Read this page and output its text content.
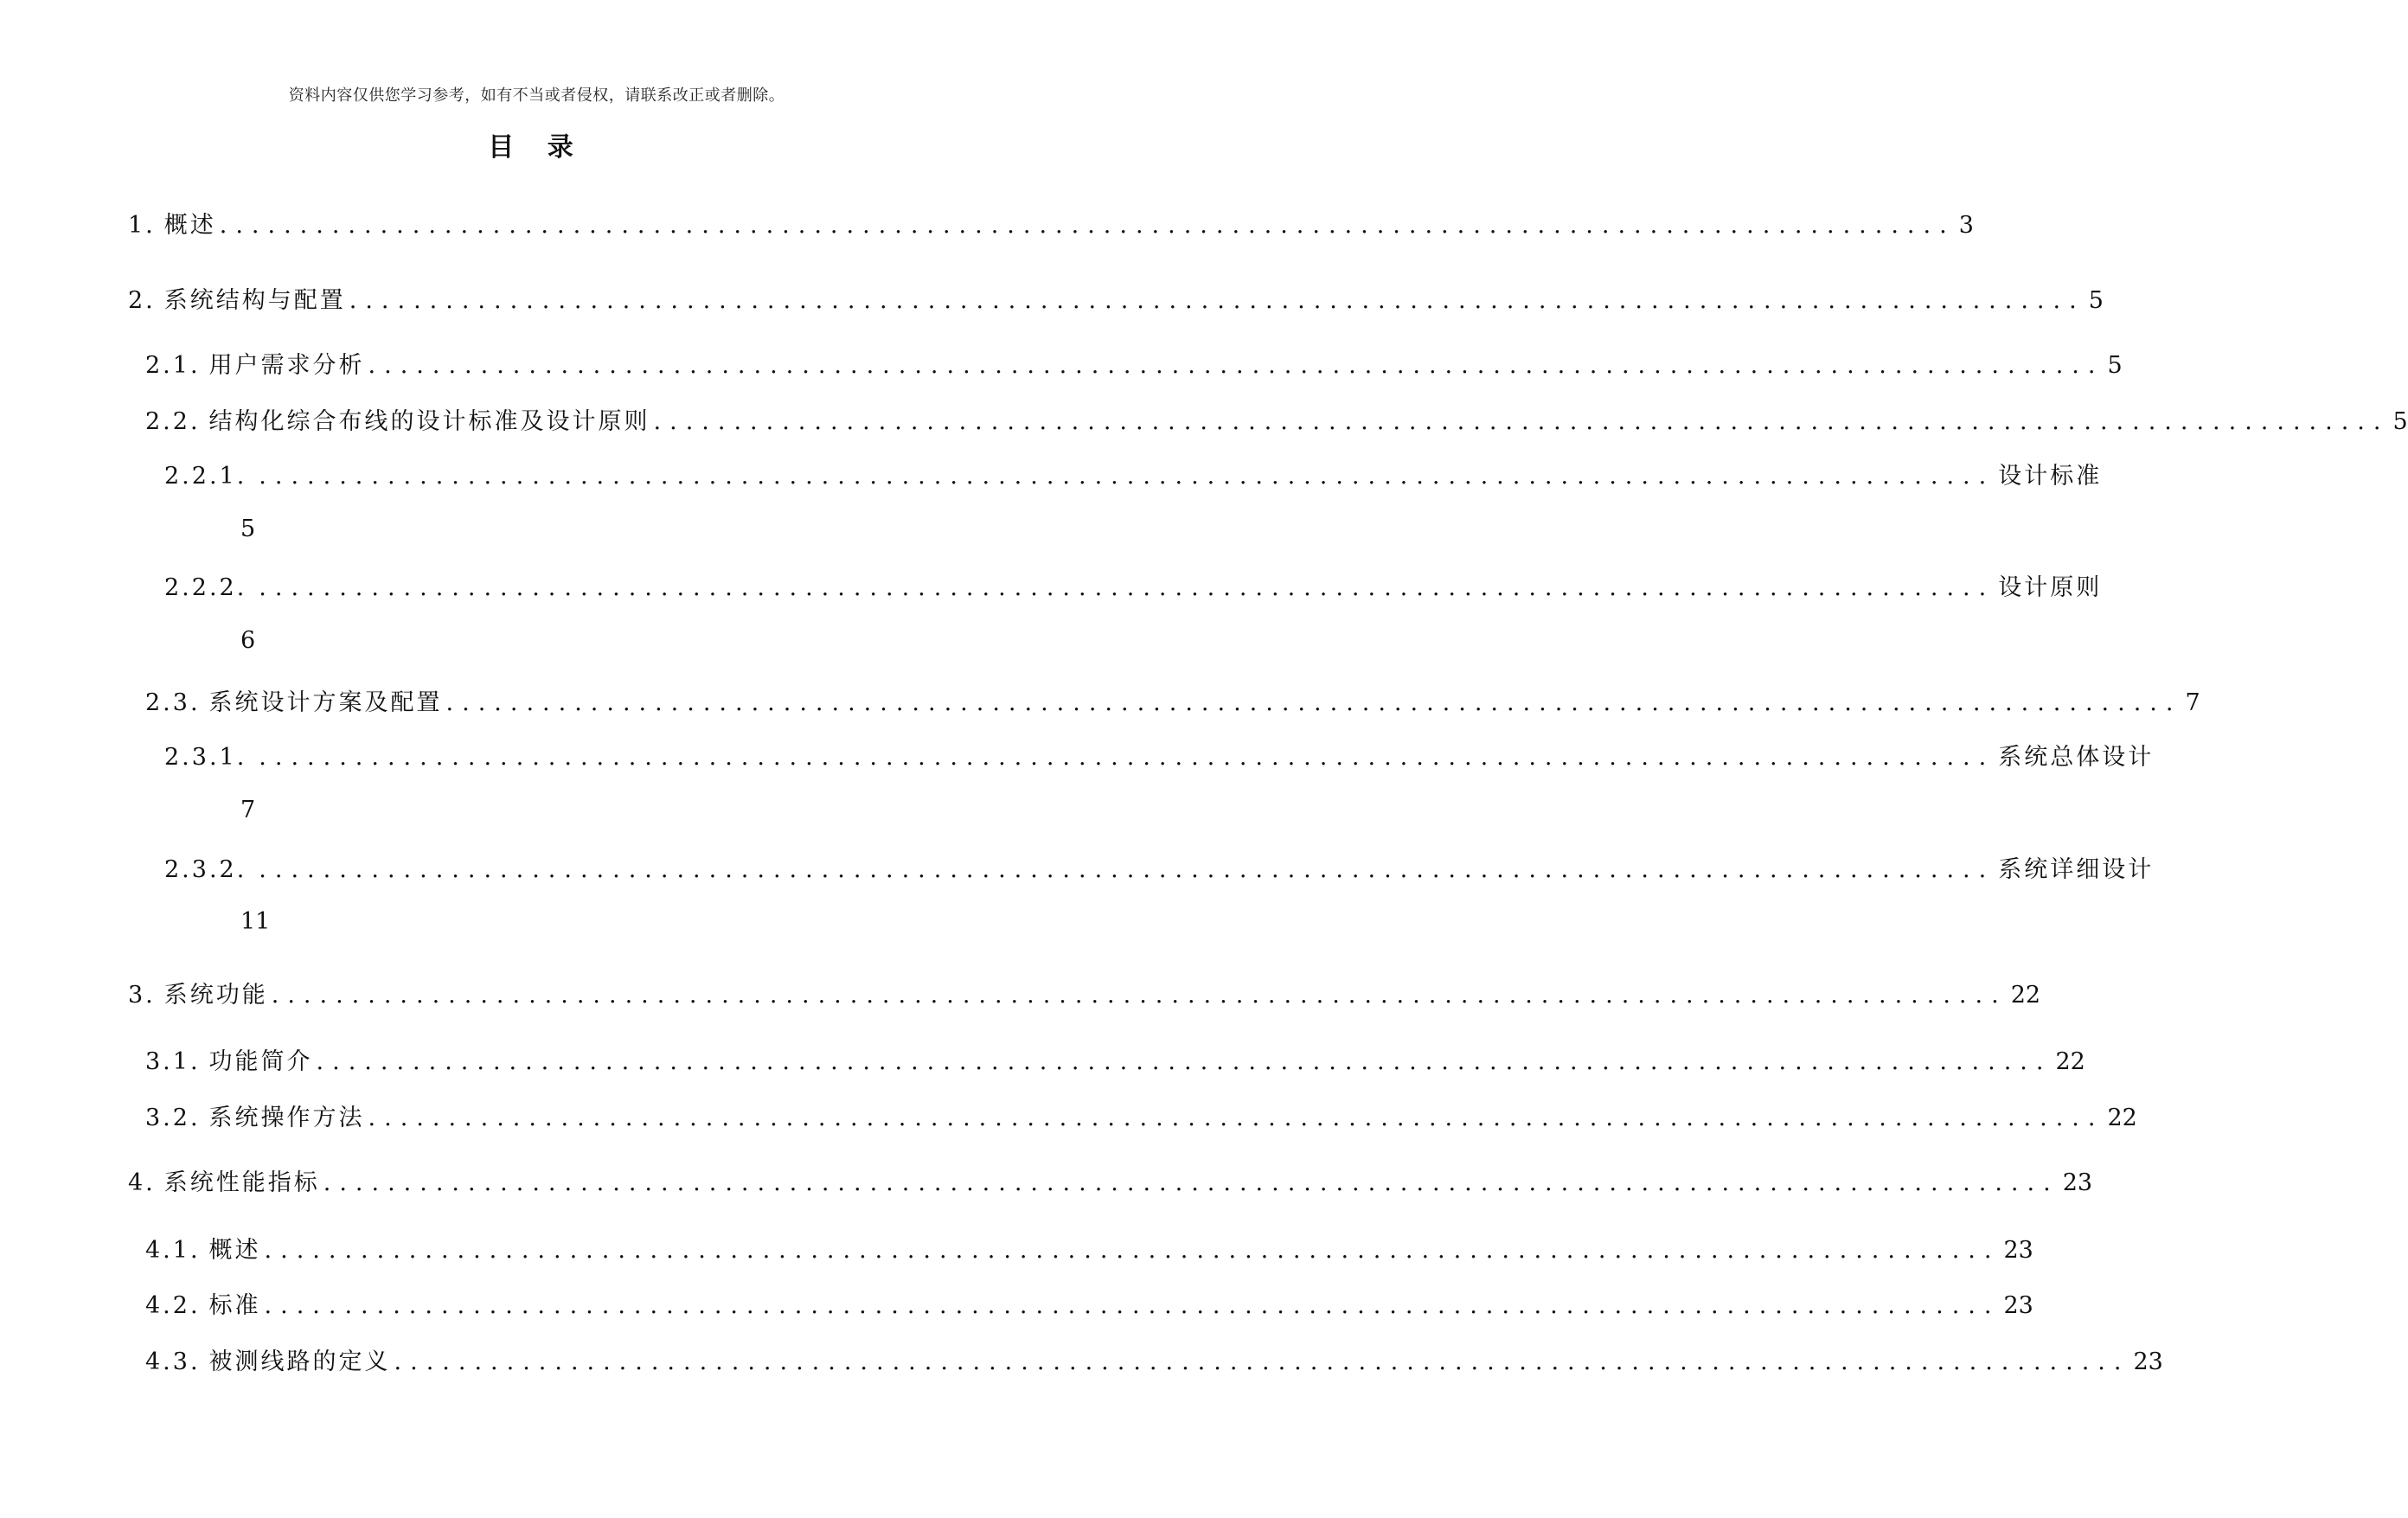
资料内容仅供您学习参考，如有不当或者侵权，请联系改正或者删除。
目 录
1. 概述 ............................................................................................................ 3
2. 系统结构与配置 ............................................................................................................ 5
2.1. 用户需求分析 ............................................................................................................ 5
2.2. 结构化综合布线的设计标准及设计原则 ............................................................................................................ 5
2.2.1. ............................................................................................................ 设计标准
5
2.2.2. ............................................................................................................ 设计原则
6
2.3. 系统设计方案及配置 ............................................................................................................ 7
2.3.1. ............................................................................................................ 系统总体设计
7
2.3.2. ............................................................................................................ 系统详细设计
11
3. 系统功能 ............................................................................................................ 22
3.1. 功能简介 ............................................................................................................ 22
3.2. 系统操作方法 ............................................................................................................ 22
4. 系统性能指标 ............................................................................................................ 23
4.1. 概述 ............................................................................................................ 23
4.2. 标准 ............................................................................................................ 23
4.3. 被测线路的定义 ............................................................................................................ 23
